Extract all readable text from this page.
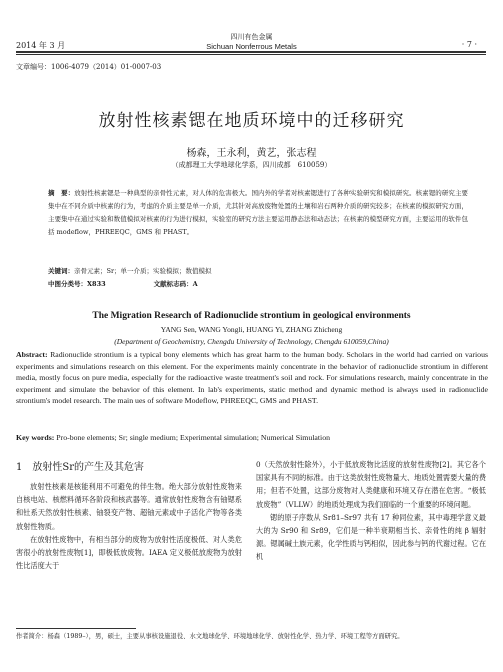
2014 年 3 月
四川有色金属
Sichuan Nonferrous Metals	· 7 ·
文章编号：1006-4079（2014）01-0007-03
放射性核素锶在地质环境中的迁移研究
杨森，王永利，黄艺，张志程
（成都理工大学地球化学系，四川成都　610059）
摘　要：放射性核素锶是一种典型的亲骨性元素，对人体的危害极大。国内外的学者对核素锶进行了各种实验研究和模拟研究。核素锶的研究主要集中在不同介质中核素的行为，考虑的介质主要是单一介质，尤其针对高放废物处置的土壤和岩石两种介质的研究较多；在核素的模拟研究方面，主要集中在通过实验和数值模拟对核素的行为进行模拟，实验室的研究方法主要运用静态法和动态法；在核素的模型研究方面，主要运用的软件包括 modeflow，PHREEQC，GMS 和 PHAST。
关键词：亲骨元素；Sr；单一介质；实验模拟；数值模拟
中图分类号：X833	文献标志码：A
The Migration Research of Radionuclide strontium in geological environments
YANG Sen, WANG Yongli, HUANG Yi, ZHANG Zhicheng
(Department of Geochemistry, Chengdu University of Technology, Chengdu 610059,China)
Abstract: Radionuclide strontium is a typical bony elements which has great harm to the human body. Scholars in the world had carried on various experiments and simulations research on this element. For the experiments mainly concentrate in the behavior of radionuclide strontium in different media, mostly focus on pure media, especially for the radioactive waste treatment's soil and rock. For simulations research, mainly concentrate in the experiment and simulate the behavior of this element. In lab's experiments, static method and dynamic method is always used in radionuclide strontium's model research. The main ues of software Modeflow, PHREEQC, GMS and PHAST.
Key words: Pro-bone elements; Sr; single medium; Experimental simulation; Numerical Simulation
1　放射性Sr的产生及其危害

放射性核素是核能利用不可避免的伴生物。绝大部分放射性废物来自核电站、核燃料循环各阶段和核武器等。通常放射性废物含有铀锶系和钍系天然放射性核素、铀裂变产物、超铀元素或中子活化产物等各类放射性物质。

在放射性废物中，有相当部分的废物为放射性活度极低、对人类危害很小的放射性废物[1]，即极低放废物。IAEA 定义极低放废物为放射性比活度大于

0（天然放射性除外），小于低放废物比活度的放射性废物[2]。其它各个国家具有不同的标准。由于这类放射性废物量大、地质处置需要大量的费用；但若不处置，这部分废物对人类健康和环境又存在潜在危害。“极低放废物”（VLLW）的地质处理成为我们面临的一个重要的环境问题。

锶的原子序数从 Sr81–Sr97 共有 17 种同位素，其中毒理学意义最大的为 Sr90 和 Sr89，它们是一种半衰期相当长、亲骨性的纯 β 辐射源。锶属碱土族元素，化学性质与钙相似，因此参与钙的代谢过程。它在机

作者简介：杨森（1989–），男，硕士，主要从事核设施退役、水文地球化学、环境地球化学、放射性化学、热力学、环境工程等方面研究。
